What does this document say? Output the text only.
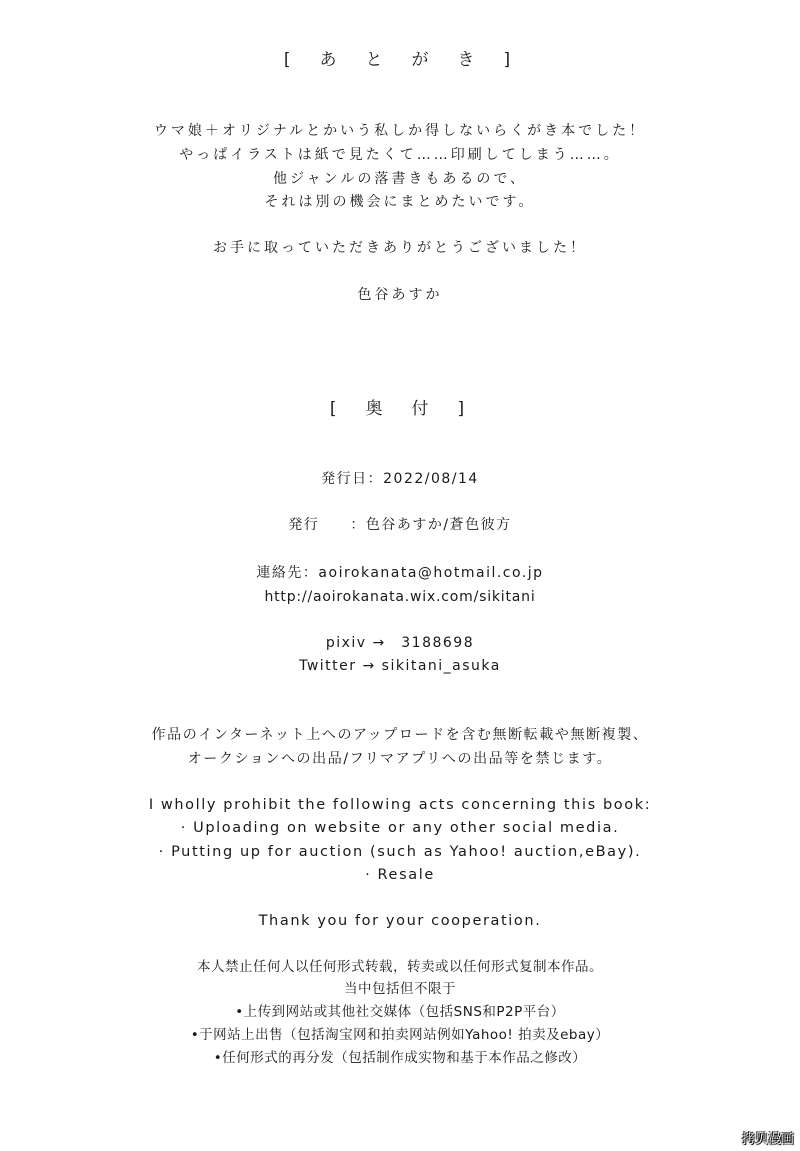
[　あ　と　が　き　]
ウマ娘＋オリジナルとかいう私しか得しないらくがき本でした！
やっぱイラストは紙で見たくて……印刷してしまう……。
他ジャンルの落書きもあるので、
それは別の機会にまとめたいです。
お手に取っていただきありがとうございました！
色谷あすか
[　奥　付　]
発行日：2022/08/14
発行　　：色谷あすか/蒼色彼方
連絡先：aoirokanata@hotmail.co.jp
http://aoirokanata.wix.com/sikitani
pixiv →　3188698
Twitter → sikitani_asuka
作品のインターネット上へのアップロードを含む無断転載や無断複製、
オークションへの出品/フリマアプリへの出品等を禁じます。
I wholly prohibit the following acts concerning this book:
· Uploading on website or any other social media.
· Putting up for auction (such as Yahoo! auction,eBay).
· Resale
Thank you for your cooperation.
本人禁止任何人以任何形式转载，转卖或以任何形式复制本作品。
当中包括但不限于
•上传到网站或其他社交媒体（包括SNS和P2P平台）
•于网站上出售（包括淘宝网和拍卖网站例如Yahoo! 拍卖及ebay）
•任何形式的再分发（包括制作成实物和基于本作品之修改）
拷贝漫画
